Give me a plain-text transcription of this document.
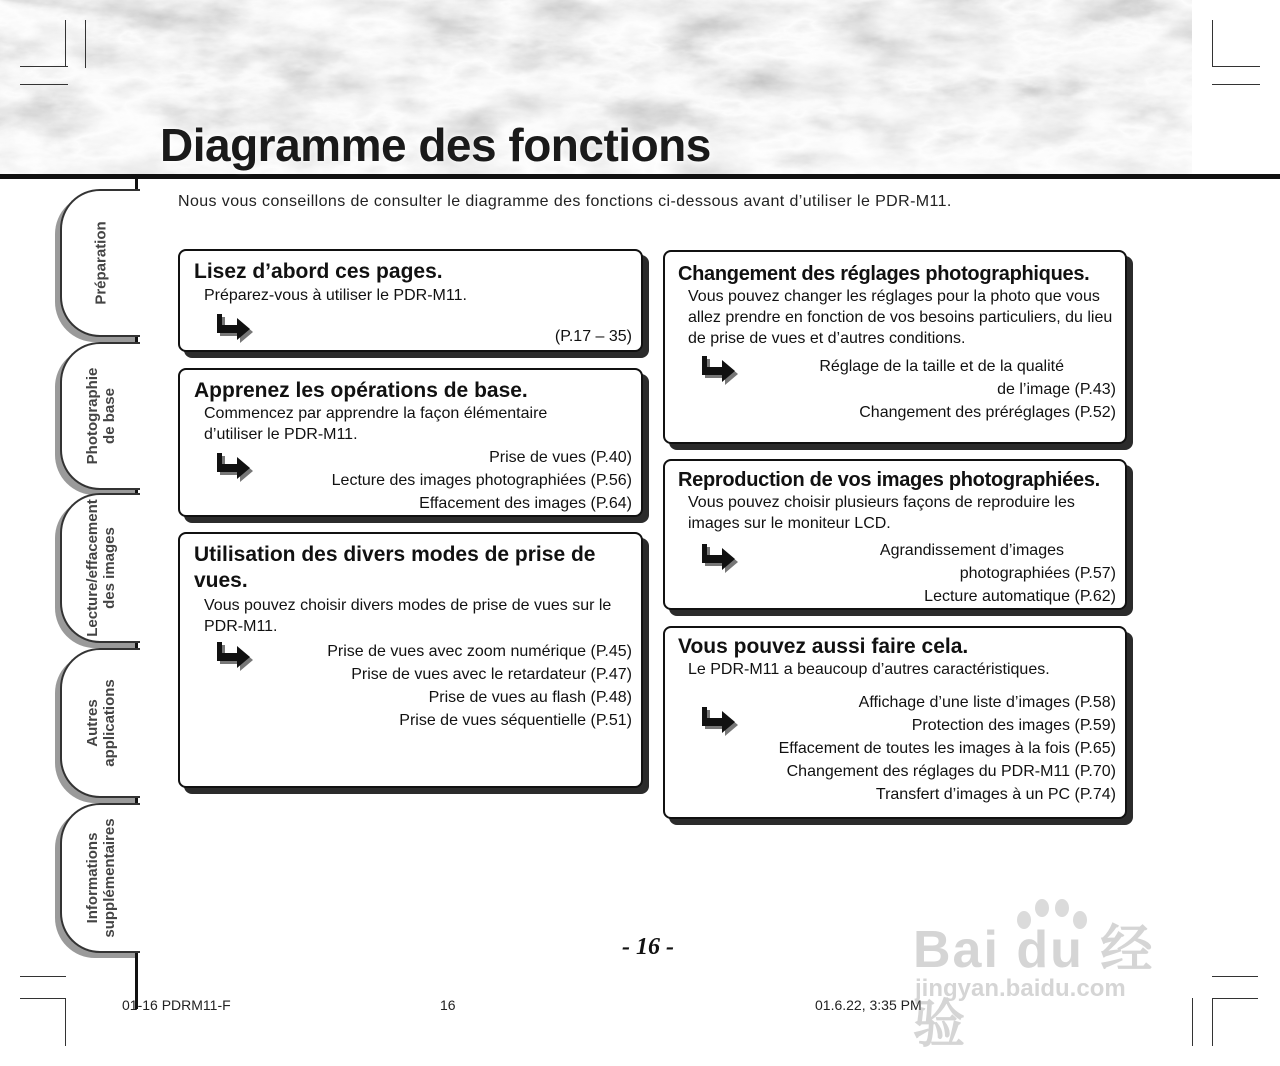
Diagramme des fonctions
Préparation
Photographie de base
Lecture/effacement des images
Autres applications
Informations supplémentaires
Nous vous conseillons de consulter le diagramme des fonctions ci-dessous avant d’utiliser le PDR-M11.
Lisez d’abord ces pages.
Préparez-vous à utiliser le PDR-M11.
(P.17 – 35)
Apprenez les opérations de base.
Commencez par apprendre la façon élémentaire d’utiliser le PDR-M11.
Prise de vues (P.40)
Lecture des images photographiées (P.56)
Effacement des images (P.64)
Utilisation des divers modes de prise de vues.
Vous pouvez choisir divers modes de prise de vues sur le PDR-M11.
Prise de vues avec zoom numérique (P.45)
Prise de vues avec le retardateur (P.47)
Prise de vues au flash (P.48)
Prise de vues séquentielle (P.51)
Changement des réglages photographiques.
Vous pouvez changer les réglages pour la photo que vous allez prendre en fonction de vos besoins particuliers, du lieu de prise de vues et d’autres conditions.
Réglage de la taille et de la qualité
de l’image (P.43)
Changement des préréglages (P.52)
Reproduction de vos images photographiées.
Vous pouvez choisir plusieurs façons de reproduire les images sur le moniteur LCD.
Agrandissement d’images
photographiées (P.57)
Lecture automatique (P.62)
Vous pouvez aussi faire cela.
Le PDR-M11 a beaucoup d’autres caractéristiques.
Affichage d’une liste d’images (P.58)
Protection des images (P.59)
Effacement de toutes les images à la fois (P.65)
Changement des réglages du PDR-M11 (P.70)
Transfert d’images à un PC (P.74)
- 16 -
01-16 PDRM11-F	16	01.6.22, 3:35 PM
Bai du 经验
jingyan.baidu.com
